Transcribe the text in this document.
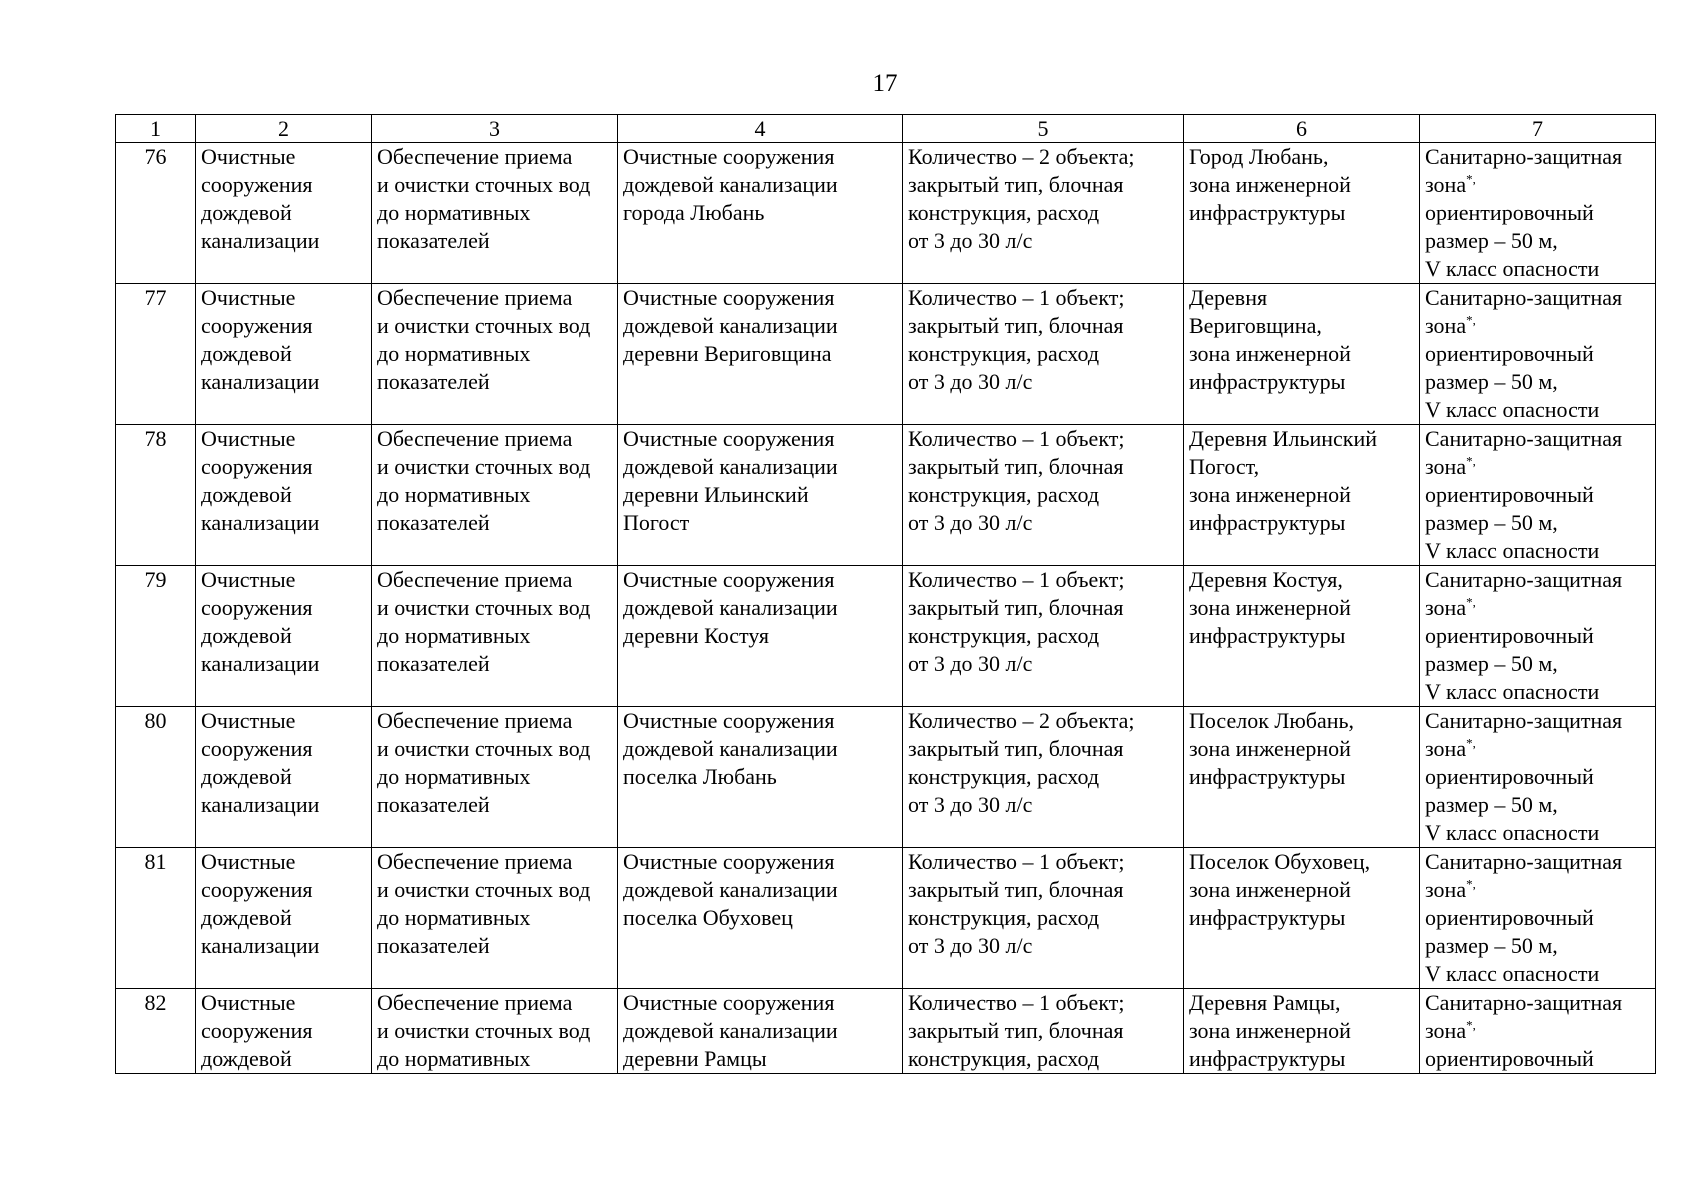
17
1	2	3	4	5	6	7
76	Очистные
сооружения
дождевой
канализации	Обеспечение приема
и очистки сточных вод
до нормативных
показателей	Очистные сооружения
дождевой канализации
города Любань	Количество – 2 объекта;
закрытый тип, блочная
конструкция, расход
от 3 до 30 л/с	Город Любань,
зона инженерной
инфраструктуры	Санитарно-защитная
зона*,
ориентировочный
размер – 50 м,
V класс опасности
77	Очистные
сооружения
дождевой
канализации	Обеспечение приема
и очистки сточных вод
до нормативных
показателей	Очистные сооружения
дождевой канализации
деревни Вериговщина	Количество – 1 объект;
закрытый тип, блочная
конструкция, расход
от 3 до 30 л/с	Деревня
Вериговщина,
зона инженерной
инфраструктуры	Санитарно-защитная
зона*,
ориентировочный
размер – 50 м,
V класс опасности
78	Очистные
сооружения
дождевой
канализации	Обеспечение приема
и очистки сточных вод
до нормативных
показателей	Очистные сооружения
дождевой канализации
деревни Ильинский
Погост	Количество – 1 объект;
закрытый тип, блочная
конструкция, расход
от 3 до 30 л/с	Деревня Ильинский
Погост,
зона инженерной
инфраструктуры	Санитарно-защитная
зона*,
ориентировочный
размер – 50 м,
V класс опасности
79	Очистные
сооружения
дождевой
канализации	Обеспечение приема
и очистки сточных вод
до нормативных
показателей	Очистные сооружения
дождевой канализации
деревни Костуя	Количество – 1 объект;
закрытый тип, блочная
конструкция, расход
от 3 до 30 л/с	Деревня Костуя,
зона инженерной
инфраструктуры	Санитарно-защитная
зона*,
ориентировочный
размер – 50 м,
V класс опасности
80	Очистные
сооружения
дождевой
канализации	Обеспечение приема
и очистки сточных вод
до нормативных
показателей	Очистные сооружения
дождевой канализации
поселка Любань	Количество – 2 объекта;
закрытый тип, блочная
конструкция, расход
от 3 до 30 л/с	Поселок Любань,
зона инженерной
инфраструктуры	Санитарно-защитная
зона*,
ориентировочный
размер – 50 м,
V класс опасности
81	Очистные
сооружения
дождевой
канализации	Обеспечение приема
и очистки сточных вод
до нормативных
показателей	Очистные сооружения
дождевой канализации
поселка Обуховец	Количество – 1 объект;
закрытый тип, блочная
конструкция, расход
от 3 до 30 л/с	Поселок Обуховец,
зона инженерной
инфраструктуры	Санитарно-защитная
зона*,
ориентировочный
размер – 50 м,
V класс опасности
82	Очистные
сооружения
дождевой	Обеспечение приема
и очистки сточных вод
до нормативных	Очистные сооружения
дождевой канализации
деревни Рамцы	Количество – 1 объект;
закрытый тип, блочная
конструкция, расход	Деревня Рамцы,
зона инженерной
инфраструктуры	Санитарно-защитная
зона*,
ориентировочный
